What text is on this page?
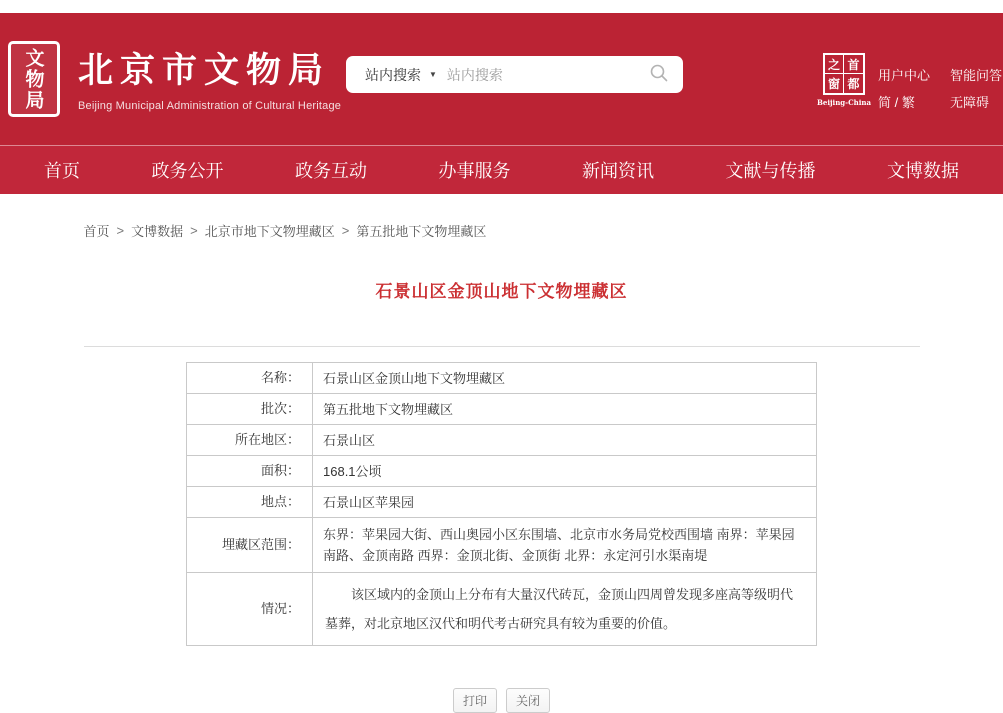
文物局 北京市文物局
Beijing Municipal Administration of Cultural Heritage
站内搜索 ▼
站内搜索
之 首
窗 都
Beijing-China
用户中心 智能问答
简 / 繁	无障碍
首页	政务公开	政务互动	办事服务	新闻资讯	文献与传播	文博数据
首页 > 文博数据 > 北京市地下文物埋藏区 > 第五批地下文物埋藏区
石景山区金顶山地下文物埋藏区
名称：	石景山区金顶山地下文物埋藏区
批次：	第五批地下文物埋藏区
所在地区：	石景山区
面积：	168.1公顷
地点：	石景山区苹果园
埋藏区范围：	东界：苹果园大街、西山奥园小区东围墙、北京市水务局党校西围墙 南界：苹果园南路、金顶南路 西界：金顶北街、金顶街 北界：永定河引水渠南堤
情况：	该区域内的金顶山上分布有大量汉代砖瓦，金顶山四周曾发现多座高等级明代墓葬，对北京地区汉代和明代考古研究具有较为重要的价值。
打印	关闭
